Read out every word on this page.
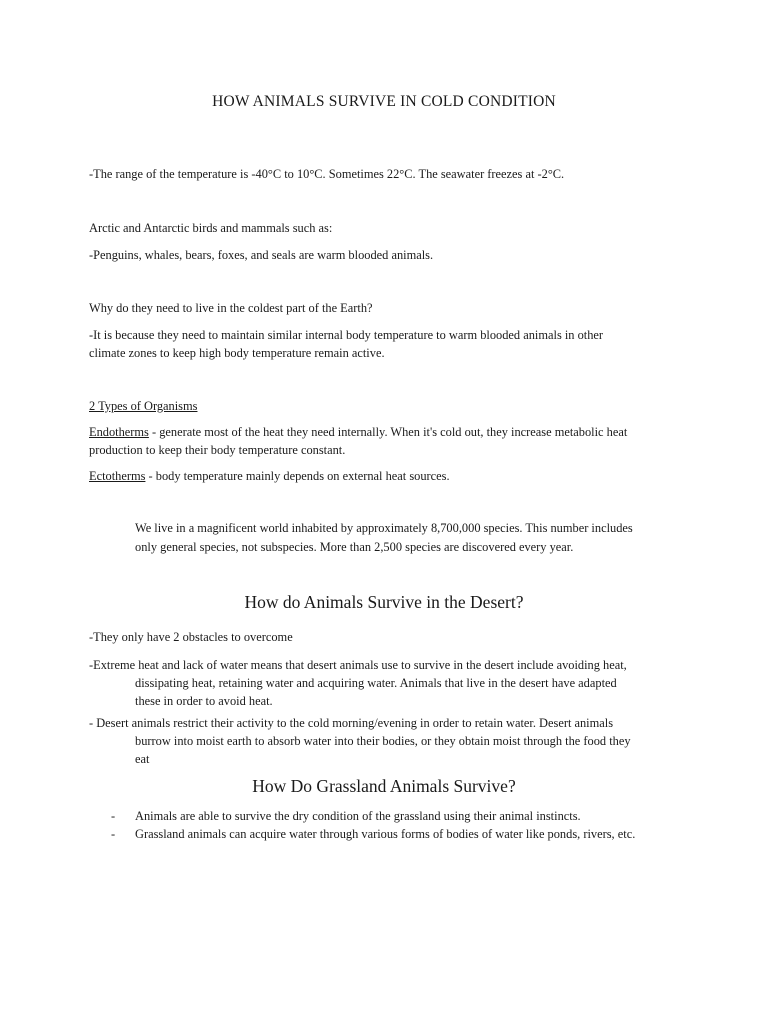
HOW ANIMALS SURVIVE IN COLD CONDITION

-The range of the temperature is -40°C to 10°C. Sometimes 22°C. The seawater freezes at -2°C.

Arctic and Antarctic birds and mammals such as:

-Penguins, whales, bears, foxes, and seals are warm blooded animals.

Why do they need to live in the coldest part of the Earth?

-It is because they need to maintain similar internal body temperature to warm blooded animals in other

climate zones to keep high body temperature remain active.

2 Types of Organisms

Endotherms - generate most of the heat they need internally. When it's cold out, they increase metabolic heat

production to keep their body temperature constant.

Ectotherms - body temperature mainly depends on external heat sources.

We live in a magnificent world inhabited by approximately 8,700,000 species. This number includes

only general species, not subspecies. More than 2,500 species are discovered every year.

How do Animals Survive in the Desert?

-They only have 2 obstacles to overcome

-Extreme heat and lack of water means that desert animals use to survive in the desert include avoiding heat,
dissipating heat, retaining water and acquiring water. Animals that live in the desert have adapted
these in order to avoid heat.
- Desert animals restrict their activity to the cold morning/evening in order to retain water. Desert animals
burrow into moist earth to absorb water into their bodies, or they obtain moist through the food they
eat
How Do Grassland Animals Survive?
- Animals are able to survive the dry condition of the grassland using their animal instincts.
- Grassland animals can acquire water through various forms of bodies of water like ponds, rivers, etc.
